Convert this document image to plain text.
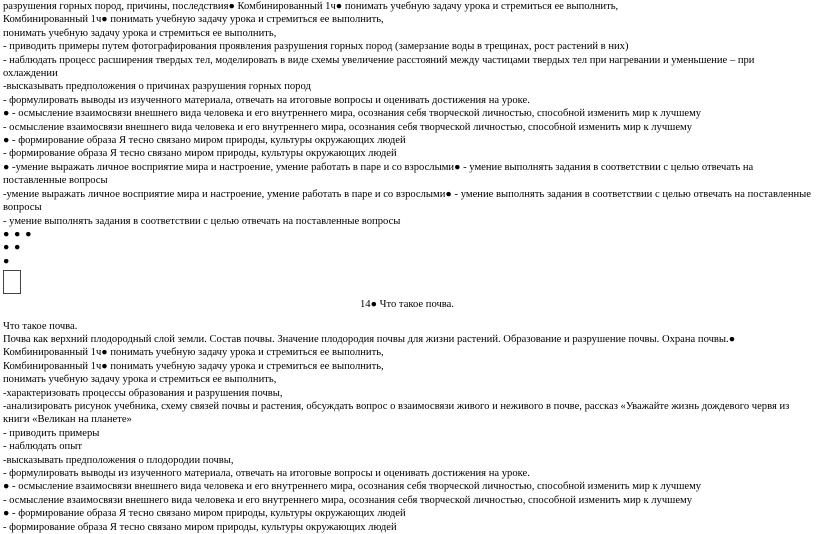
разрушения горных пород, причины, последствия● Комбинированный 1ч● понимать учебную задачу урока и стремиться ее выполнить,
Комбинированный 1ч● понимать учебную задачу урока и стремиться ее выполнить,
понимать учебную задачу урока и стремиться ее выполнить,
- приводить примеры путем фотографирования проявления разрушения горных пород (замерзание воды в трещинах, рост растений в них)
- наблюдать процесс расширения твердых тел, моделировать в виде схемы увеличение расстояний между частицами твердых тел при нагревании и уменьшение – при охлаждении
-высказывать предположения о причинах разрушения горных пород
- формулировать выводы из изученного материала, отвечать на итоговые вопросы и оценивать достижения на уроке.
● - осмысление взаимосвязи внешнего вида человека и его внутреннего мира, осознания себя творческой личностью, способной изменить мир к лучшему
- осмысление взаимосвязи внешнего вида человека и его внутреннего мира, осознания себя творческой личностью, способной изменить мир к лучшему
● - формирование образа Я тесно связано миром природы, культуры окружающих людей
- формирование образа Я тесно связано миром природы, культуры окружающих людей
● -умение выражать личное восприятие мира и настроение, умение работать в паре и со взрослыми● - умение выполнять задания в соответствии с целью отвечать на поставленные вопросы
-умение выражать личное восприятие мира и настроение, умение работать в паре и со взрослыми● - умение выполнять задания в соответствии с целью отвечать на поставленные вопросы
- умение выполнять задания в соответствии с целью отвечать на поставленные вопросы
● ● ●
● ●
●
14● Что такое почва.
Что такое почва.
Почва как верхний плодородный слой земли. Состав почвы. Значение плодородия почвы для жизни растений. Образование и разрушение почвы. Охрана почвы.● Комбинированный 1ч● понимать учебную задачу урока и стремиться ее выполнить,
Комбинированный 1ч● понимать учебную задачу урока и стремиться ее выполнить,
понимать учебную задачу урока и стремиться ее выполнить,
-характеризовать процессы образования и разрушения почвы,
-анализировать рисунок учебника, схему связей почвы и растения, обсуждать вопрос о взаимосвязи живого и неживого в почве, рассказ «Уважайте жизнь дождевого червя из книги «Великан на планете»
- приводить примеры
- наблюдать опыт
-высказывать предположения о плодородии почвы,
- формулировать выводы из изученного материала, отвечать на итоговые вопросы и оценивать достижения на уроке.
● - осмысление взаимосвязи внешнего вида человека и его внутреннего мира, осознания себя творческой личностью, способной изменить мир к лучшему
- осмысление взаимосвязи внешнего вида человека и его внутреннего мира, осознания себя творческой личностью, способной изменить мир к лучшему
● - формирование образа Я тесно связано миром природы, культуры окружающих людей
- формирование образа Я тесно связано миром природы, культуры окружающих людей
